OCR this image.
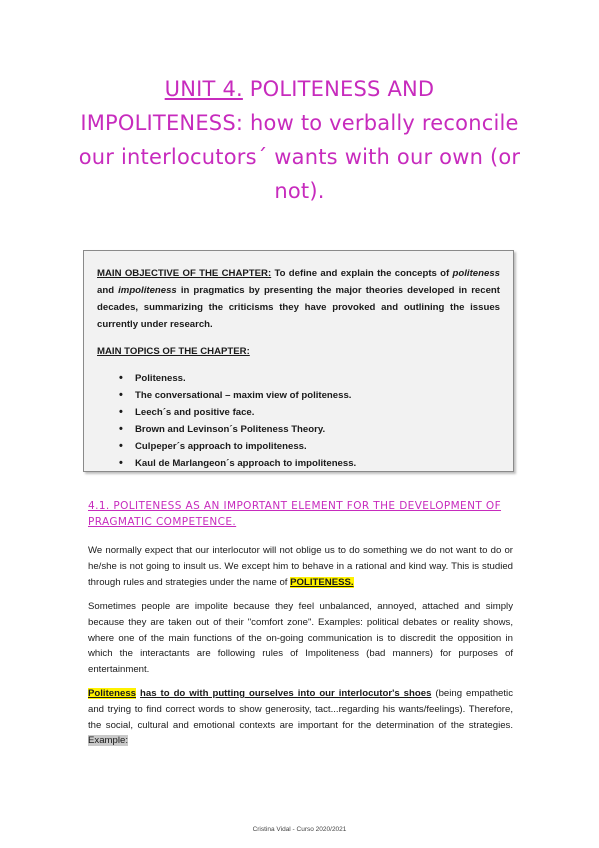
UNIT 4. POLITENESS AND
IMPOLITENESS: how to verbally reconcile
our interlocutors´ wants with our own (or
not).

MAIN OBJECTIVE OF THE CHAPTER: To define and explain the concepts of politeness and impoliteness in pragmatics by presenting the major theories developed in recent decades, summarizing the criticisms they have provoked and outlining the issues currently under research.

MAIN TOPICS OF THE CHAPTER:

• Politeness.
• The conversational – maxim view of politeness.
• Leech´s and positive face.
• Brown and Levinson´s Politeness Theory.
• Culpeper´s approach to impoliteness.
• Kaul de Marlangeon´s approach to impoliteness.
4.1. POLITENESS AS AN IMPORTANT ELEMENT FOR THE DEVELOPMENT OF PRAGMATIC COMPETENCE.

We normally expect that our interlocutor will not oblige us to do something we do not want to do or he/she is not going to insult us. We except him to behave in a rational and kind way. This is studied through rules and strategies under the name of POLITENESS.

Sometimes people are impolite because they feel unbalanced, annoyed, attached and simply because they are taken out of their "comfort zone". Examples: political debates or reality shows, where one of the main functions of the on-going communication is to discredit the opposition in which the interactants are following rules of Impoliteness (bad manners) for purposes of entertainment.

Politeness has to do with putting ourselves into our interlocutor's shoes (being empathetic and trying to find correct words to show generosity, tact...regarding his wants/feelings). Therefore, the social, cultural and emotional contexts are important for the determination of the strategies. Example:

Cristina Vidal - Curso 2020/2021
